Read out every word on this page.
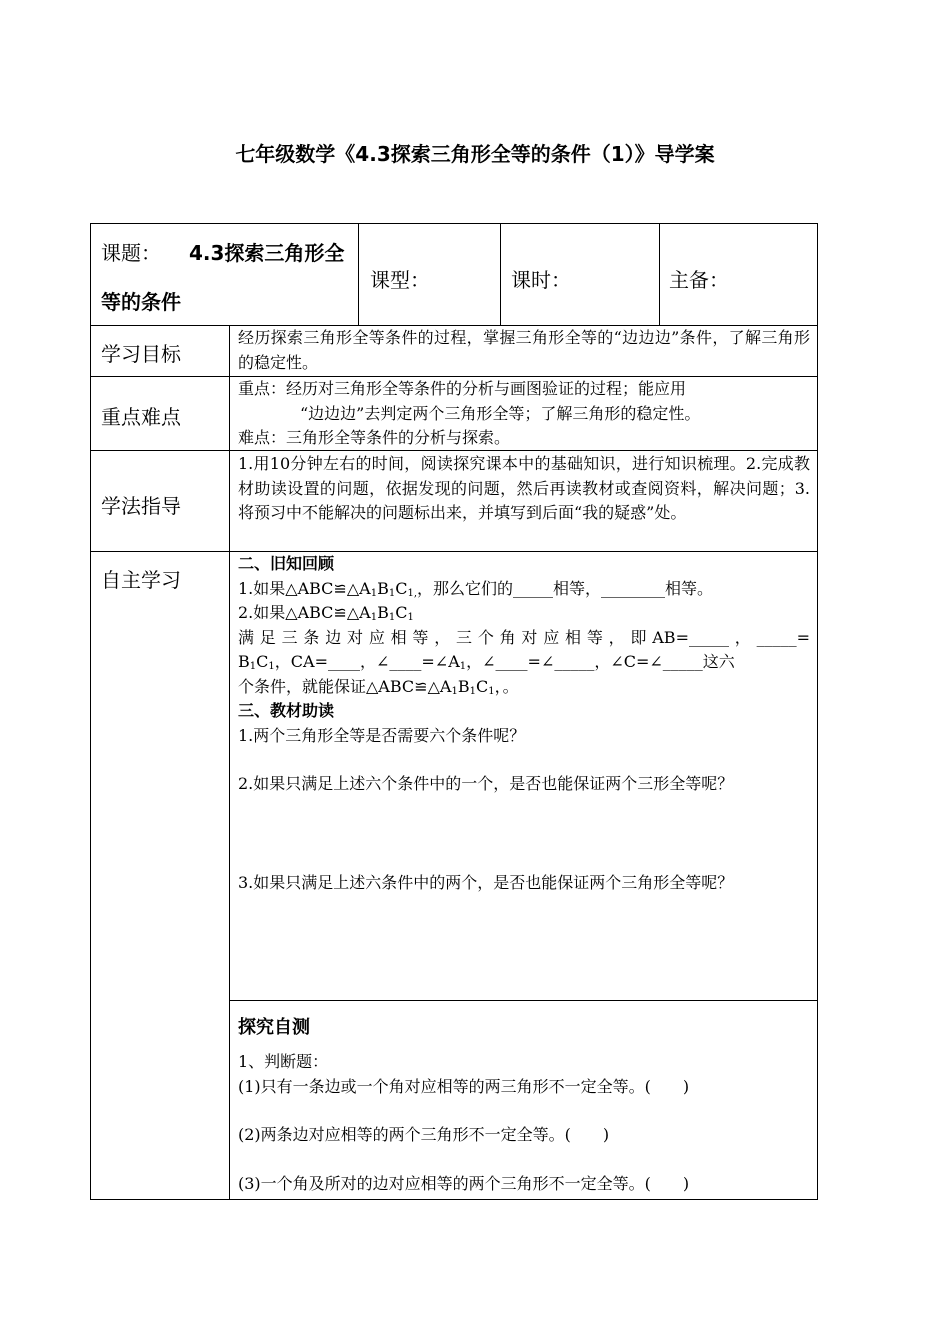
七年级数学《4.3探索三角形全等的条件（1）》导学案
课题： 4.3探索三角形全
等的条件
课型：	课时：	主备：
学习目标
经历探索三角形全等条件的过程，掌握三角形全等的“边边边”条件，了解三角形的稳定性。
重点难点

重点：经历对三角形全等条件的分析与画图验证的过程；能应用

“边边边”去判定两个三角形全等；了解三角形的稳定性。

难点：三角形全等条件的分析与探索。

学法指导
1.用10分钟左右的时间，阅读探究课本中的基础知识，进行知识梳理。2.完成教材助读设置的问题，依据发现的问题，然后再读教材或查阅资料，解决问题；3.将预习中不能解决的问题标出来，并填写到后面“我的疑惑”处。
自主学习

二、旧知回顾

1.如果$\triangle ABC≌\triangle A_1B_1C_{1,}$，那么它们的_____相等，________相等。

2.如果$\triangle ABC≌\triangle A_1B_1C_1$

满足三条边对应相等，三个角对应相等，即AB=_____，_____=

$B_1C_1$，CA=____，$\angle\_\_\_\_=\angle A_1$，∠____=∠_____，∠C=∠_____这六

个条件，就能保证$\triangle ABC≌\triangle A_1B_1C_1$，。

三、教材助读

1.两个三角形全等是否需要六个条件呢？

2.如果只满足上述六个条件中的一个，是否也能保证两个三形全等呢？

3.如果只满足上述六条件中的两个，是否也能保证两个三角形全等呢？

探究自测

1、判断题：

(1)只有一条边或一个角对应相等的两三角形不一定全等。(　　)

(2)两条边对应相等的两个三角形不一定全等。(　　)

(3)一个角及所对的边对应相等的两个三角形不一定全等。(　　)
